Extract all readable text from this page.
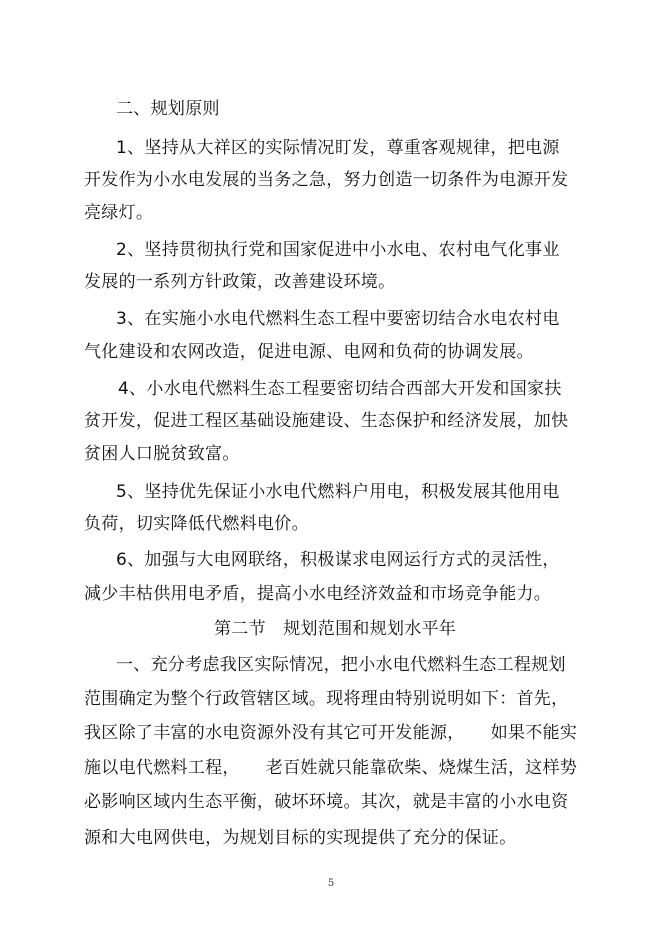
二、规划原则
1、坚持从大祥区的实际情况盯发，尊重客观规律，把电源
开发作为小水电发展的当务之急，努力创造一切条件为电源开发
亮绿灯。
2、坚持贯彻执行党和国家促进中小水电、农村电气化事业
发展的一系列方针政策，改善建设环境。
3、在实施小水电代燃料生态工程中要密切结合水电农村电
气化建设和农网改造，促进电源、电网和负荷的协调发展。
4、小水电代燃料生态工程要密切结合西部大开发和国家扶
贫开发，促进工程区基础设施建设、生态保护和经济发展，加快
贫困人口脱贫致富。
5、坚持优先保证小水电代燃料户用电，积极发展其他用电
负荷，切实降低代燃料电价。
6、加强与大电网联络，积极谋求电网运行方式的灵活性，
减少丰枯供用电矛盾，提高小水电经济效益和市场竞争能力。
第二节　规划范围和规划水平年
一、充分考虑我区实际情况，把小水电代燃料生态工程规划
范围确定为整个行政管辖区域。现将理由特别说明如下：首先，
我区除了丰富的水电资源外没有其它可开发能源，　　如果不能实
施以电代燃料工程，　　老百姓就只能靠砍柴、烧煤生活，这样势
必影响区域内生态平衡，破坏环境。其次，就是丰富的小水电资
源和大电网供电，为规划目标的实现提供了充分的保证。
5
